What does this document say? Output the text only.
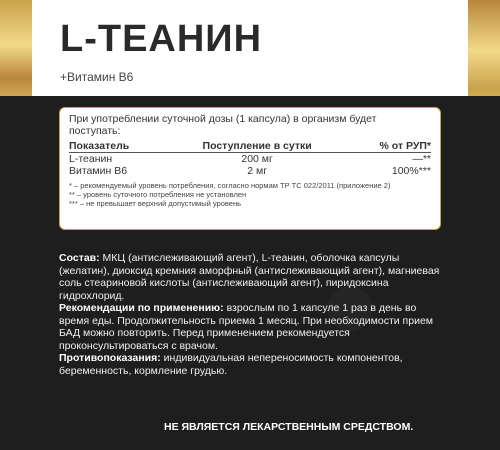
L-ТЕАНИН
+Витамин B6
При употреблении суточной дозы (1 капсула) в организм будет поступать:
Показатель	Поступление в сутки	% от РУП*
L-теанин	200 мг	—**
Витамин B6	2 мг	100%***
* – рекомендуемый уровень потребления, согласно нормам ТР ТС 022/2011 (приложение 2)
** – уровень суточного потребления не установлен
*** – не превышает верхний допустимый уровень
Состав: МКЦ (антислеживающий агент), L-теанин, оболочка капсулы (желатин), диоксид кремния аморфный (антислеживающий агент), магниевая соль стеариновой кислоты (антислеживающий агент), пиридоксина гидрохлорид.
Рекомендации по применению: взрослым по 1 капсуле 1 раз в день во время еды. Продолжительность приема 1 месяц. При необходимости прием БАД можно повторить. Перед применением рекомендуется проконсультироваться с врачом.
Противопоказания: индивидуальная непереносимость компонентов, беременность, кормление грудью.
НЕ ЯВЛЯЕТСЯ ЛЕКАРСТВЕННЫМ СРЕДСТВОМ.
